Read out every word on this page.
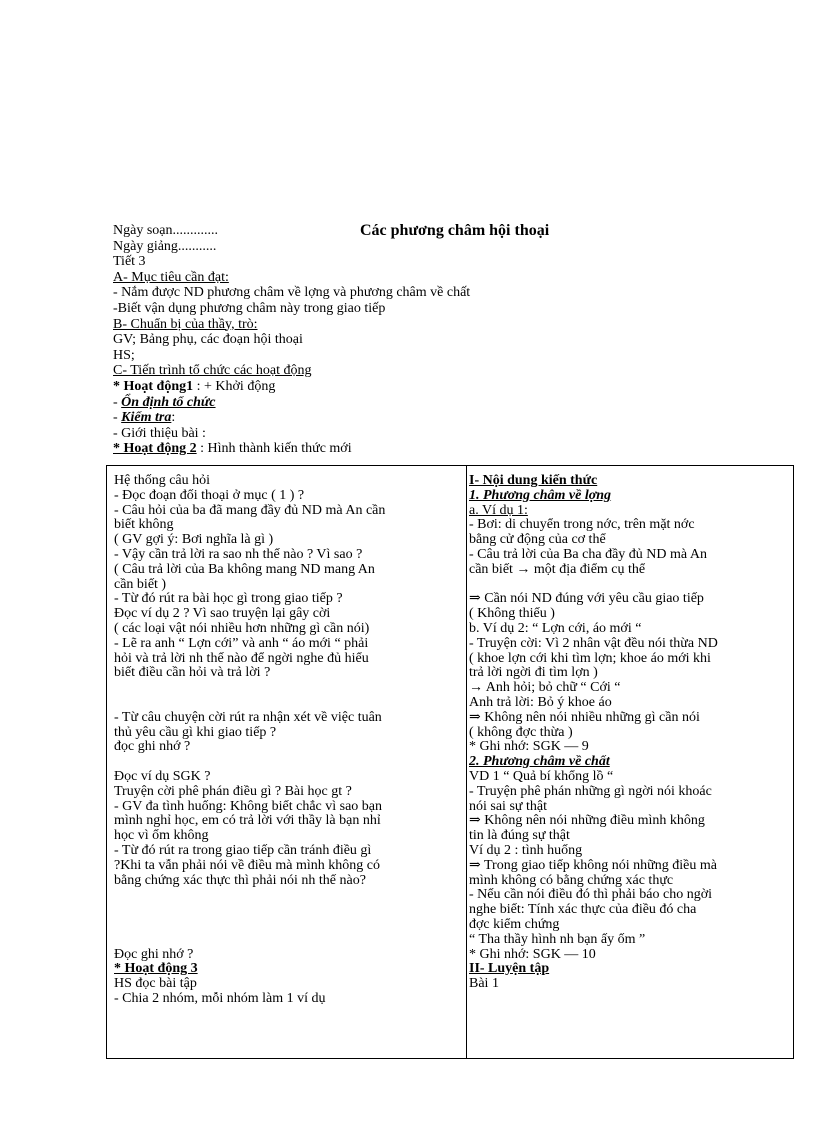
Các phương châm hội thoại
Ngày soạn.............
Ngày giảng...........
Tiết 3
A- Mục tiêu cần đạt:
- Nắm được ND phương châm về lợng và phương châm về chất
-Biết vận dụng phương châm này trong giao tiếp
B- Chuẩn bị của thầy, trò:
GV; Bảng phụ, các đoạn hội thoại
HS;
C- Tiến trình tổ chức các hoạt động
* Hoạt động1 : + Khởi động
- Ổn định tổ chức
- Kiểm tra:
- Giới thiệu bài :
* Hoạt động 2 : Hình thành kiến thức mới
Hệ thống câu hỏi
- Đọc đoạn đối thoại ở mục ( 1 ) ?
- Câu hỏi của ba đã mang đầy đủ ND mà An cần
biết không
( GV gợi ý: Bơi nghĩa là gì )
- Vậy cần trả lời ra sao nh thế nào ? Vì sao ?
( Câu trả lời của Ba không mang ND mang An
cần biết )
- Từ đó rút ra bài học gì trong giao tiếp ?
Đọc ví dụ 2 ? Vì sao truyện lại gây cời
( các loại vật nói nhiều hơn những gì cần nói)
- Lẽ ra anh “ Lợn cới” và anh “ áo mới “ phải
hỏi và trả lời nh thế nào để ngời nghe đủ hiểu
biết điều cần hỏi và trả lời ?
- Từ câu chuyện cời rút ra nhận xét về việc tuân
thủ yêu cầu gì khi giao tiếp ?
đọc ghi nhớ ?
Đọc ví dụ SGK ?
Truyện cời phê phán điều gì ? Bài học gt ?
- GV đa tình huống: Không biết chắc vì sao bạn
mình nghỉ học, em có trả lời với thầy là bạn nhỉ
học vì ốm không
- Từ đó rút ra trong giao tiếp cần tránh điều gì
?Khi ta vẫn phải nói về điều mà mình không có
bằng chứng xác thực thì phải nói nh thế nào?
Đọc ghi nhớ ?
* Hoạt động 3
HS đọc bài tập
- Chia 2 nhóm, mỗi nhóm làm 1 ví dụ
I- Nội dung kiến thức
1. Phương châm về lợng
a. Ví dụ 1:
- Bơi: di chuyển trong nớc, trên mặt nớc
bằng cử động của cơ thể
- Câu trả lời của Ba cha đầy đủ ND mà An
cần biết → một địa điểm cụ thể
⇒ Cần nói ND đúng với yêu cầu giao tiếp
( Không thiếu )
b. Ví dụ 2: “ Lợn cới, áo mới “
- Truyện cời: Vì 2 nhân vật đều nói thừa ND
( khoe lợn cới khi tìm lợn; khoe áo mới khi
trả lời ngời đi tìm lợn )
→ Anh hỏi; bỏ chữ “ Cới “
Anh trả lời: Bỏ ý khoe áo
⇒ Không nên nói nhiều những gì cần nói
( không đợc thừa )
* Ghi nhớ: SGK — 9
2. Phương châm về chất
VD 1 “ Quả bí khổng lồ “
- Truyện phê phán những gì ngời nói khoác
nói sai sự thật
⇒ Không nên nói những điều mình không
tin là đúng sự thật
Ví dụ 2 : tình huống
⇒ Trong giao tiếp không nói những điều mà
mình không có bằng chứng xác thực
- Nếu cần nói điều đó thì phải báo cho ngời
nghe biết: Tính xác thực của điều đó cha
đợc kiểm chứng
“ Tha thầy hình nh bạn ấy ốm ”
* Ghi nhớ: SGK — 10
II- Luyện tập
Bài 1
